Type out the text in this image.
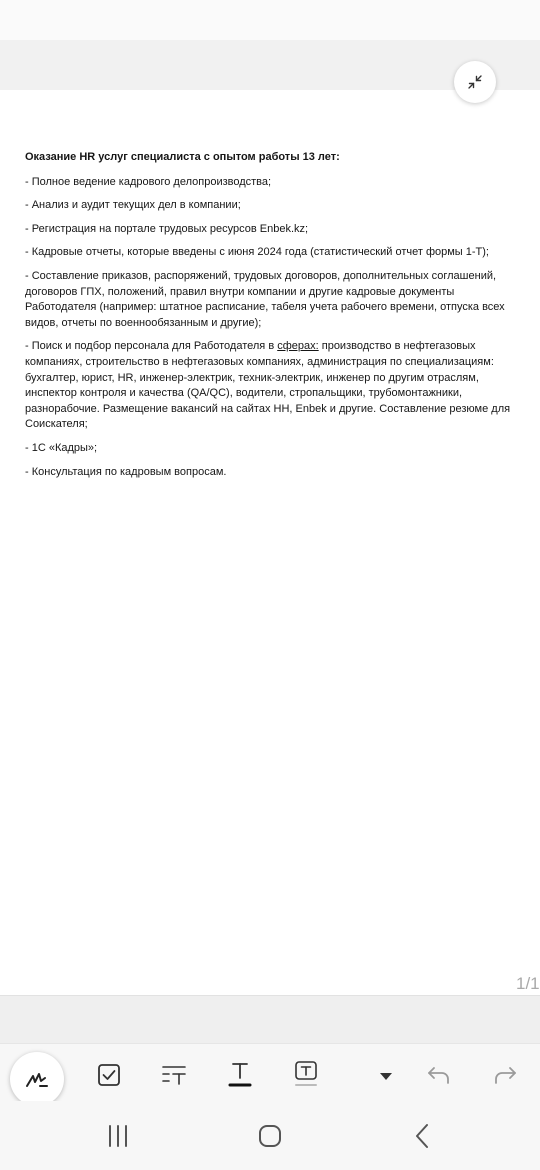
Оказание HR услуг специалиста с опытом работы 13 лет:

- Полное ведение кадрового делопроизводства;

- Анализ и аудит текущих дел в компании;

- Регистрация на портале трудовых ресурсов Enbek.kz;

- Кадровые отчеты, которые введены с июня 2024 года (статистический отчет формы 1-Т);

- Составление приказов, распоряжений, трудовых договоров, дополнительных соглашений, договоров ГПХ, положений, правил внутри компании и другие кадровые документы Работодателя (например: штатное расписание, табеля учета рабочего времени, отпуска всех видов, отчеты по военнообязанным и другие);

- Поиск и подбор персонала для Работодателя в сферах: производство в нефтегазовых компаниях, строительство в нефтегазовых компаниях, администрация по специализациям: бухгалтер, юрист, HR, инженер-электрик, техник-электрик, инженер по другим отраслям, инспектор контроля и качества (QA/QC), водители, стропальщики, трубомонтажники, разнорабочие. Размещение вакансий на сайтах HH, Enbek и другие. Составление резюме для Соискателя;

- 1С «Кадры»;

- Консультация по кадровым вопросам.

1/1
